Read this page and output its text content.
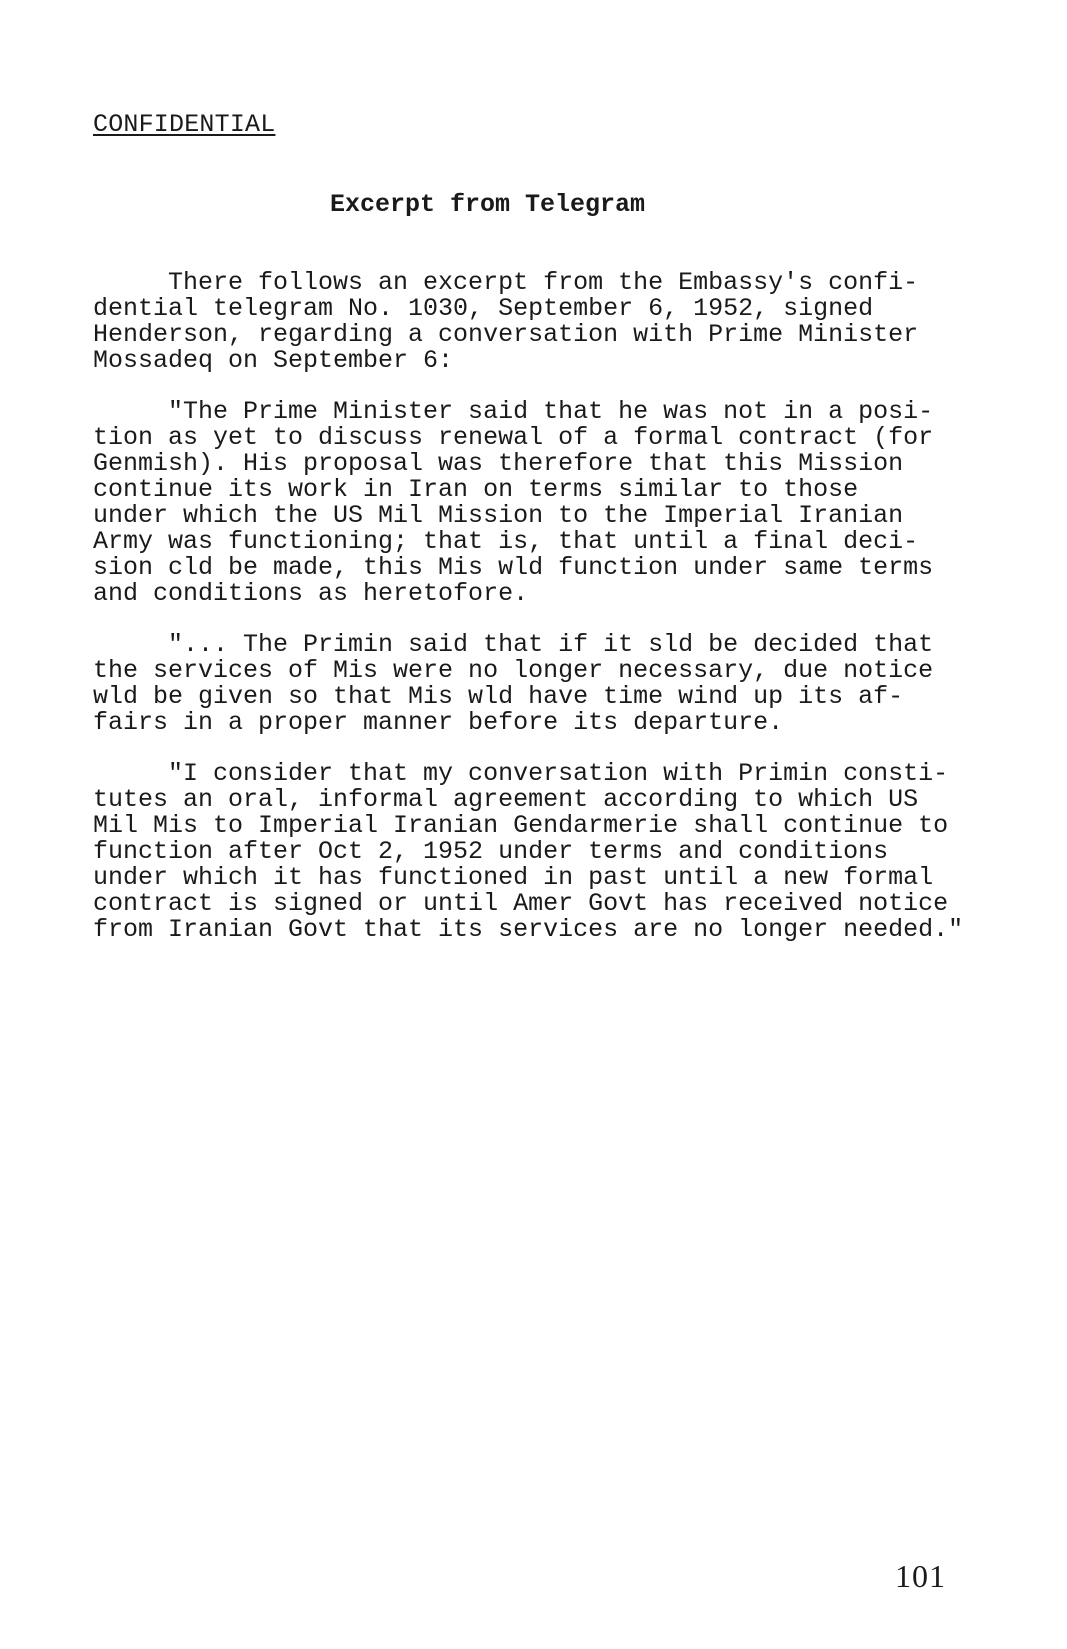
CONFIDENTIAL
Excerpt from Telegram
There follows an excerpt from the Embassy's confi-
dential telegram No. 1030, September 6, 1952, signed
Henderson, regarding a conversation with Prime Minister
Mossadeq on September 6:
"The Prime Minister said that he was not in a posi-
tion as yet to discuss renewal of a formal contract (for
Genmish). His proposal was therefore that this Mission
continue its work in Iran on terms similar to those
under which the US Mil Mission to the Imperial Iranian
Army was functioning; that is, that until a final deci-
sion cld be made, this Mis wld function under same terms
and conditions as heretofore.
"... The Primin said that if it sld be decided that
the services of Mis were no longer necessary, due notice
wld be given so that Mis wld have time wind up its af-
fairs in a proper manner before its departure.
"I consider that my conversation with Primin consti-
tutes an oral, informal agreement according to which US
Mil Mis to Imperial Iranian Gendarmerie shall continue to
function after Oct 2, 1952 under terms and conditions
under which it has functioned in past until a new formal
contract is signed or until Amer Govt has received notice
from Iranian Govt that its services are no longer needed."
101
